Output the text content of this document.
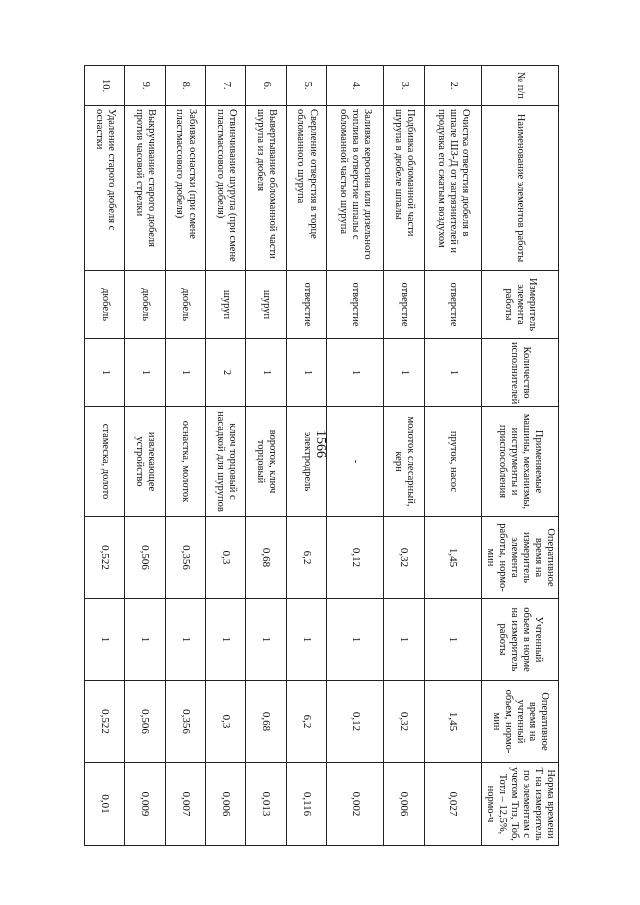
1566
№ п/п	Наименование элементов работы	Измеритель элемента работы	Количество исполнителей	Применяемые машины, механизмы, инструменты и приспособления	Оперативное время на измеритель элемента работы, нормо-мин	Учтенный объем в норме на измеритель работы	Оперативное время на учтенный объем, нормо-мин	Норма времени Т на измеритель по элементам с учетом Тпз, Тоб, Тотл – 12,5%, нормо-ч
2.	Очистка отверстия дюбеля в шпале ШЗ-Д от загрязнителей и продувка его сжатым воздухом	отверстие	1	пруток, насос	1,45	1	1,45	0,027
3.	Подбивка обломанной части шурупа в дюбеле шпалы	отверстие	1	молоток слесарный, керн	0,32	1	0,32	0,006
4.	Заливка керосина или дизельного топлива в отверстие шпалы с обломанной частью шурупа	отверстие	1	-	0,12	1	0,12	0,002
5.	Сверление отверстия в торце обломанного шурупа	отверстие	1	электродрель	6,2	1	6,2	0,116
6.	Вывертывание обломанной части шурупа из дюбеля	шуруп	1	вороток, ключ торцовый	0,68	1	0,68	0,013
7.	Отвинчивание шурупа (при смене пластмассового дюбеля)	шуруп	2	ключ торцовый с насадкой для шурупов	0,3	1	0,3	0,006
8.	Забивка оснастки (при смене пластмассового дюбеля)	дюбель	1	оснастка, молоток	0,356	1	0,356	0,007
9.	Выкручивание старого дюбеля против часовой стрелки	дюбель	1	извлекающее устройство	0,506	1	0,506	0,009
10.	Удаление старого дюбеля с оснастки	дюбель	1	стамеска, долото	0,522	1	0,522	0,01
